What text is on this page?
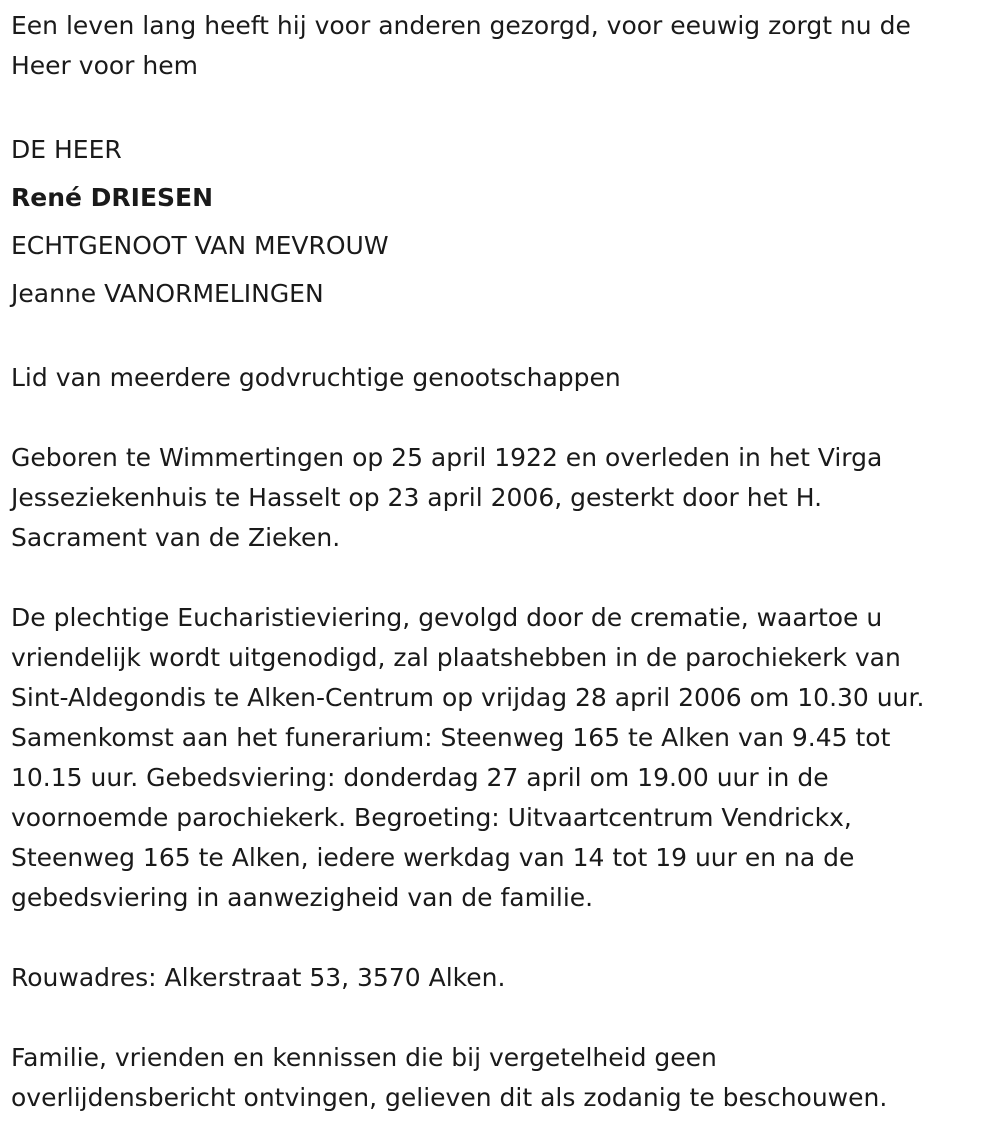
Een leven lang heeft hij voor anderen gezorgd, voor eeuwig zorgt nu de

Heer voor hem

DE HEER

René DRIESEN

ECHTGENOOT VAN MEVROUW

Jeanne VANORMELINGEN

Lid van meerdere godvruchtige genootschappen

Geboren te Wimmertingen op 25 april 1922 en overleden in het Virga

Jesseziekenhuis te Hasselt op 23 april 2006, gesterkt door het H.

Sacrament van de Zieken.

De plechtige Eucharistieviering, gevolgd door de crematie, waartoe u

vriendelijk wordt uitgenodigd, zal plaatshebben in de parochiekerk van

Sint-Aldegondis te Alken-Centrum op vrijdag 28 april 2006 om 10.30 uur.

Samenkomst aan het funerarium: Steenweg 165 te Alken van 9.45 tot

10.15 uur. Gebedsviering: donderdag 27 april om 19.00 uur in de

voornoemde parochiekerk. Begroeting: Uitvaartcentrum Vendrickx,

Steenweg 165 te Alken, iedere werkdag van 14 tot 19 uur en na de

gebedsviering in aanwezigheid van de familie.

Rouwadres: Alkerstraat 53, 3570 Alken.

Familie, vrienden en kennissen die bij vergetelheid geen

overlijdensbericht ontvingen, gelieven dit als zodanig te beschouwen.
